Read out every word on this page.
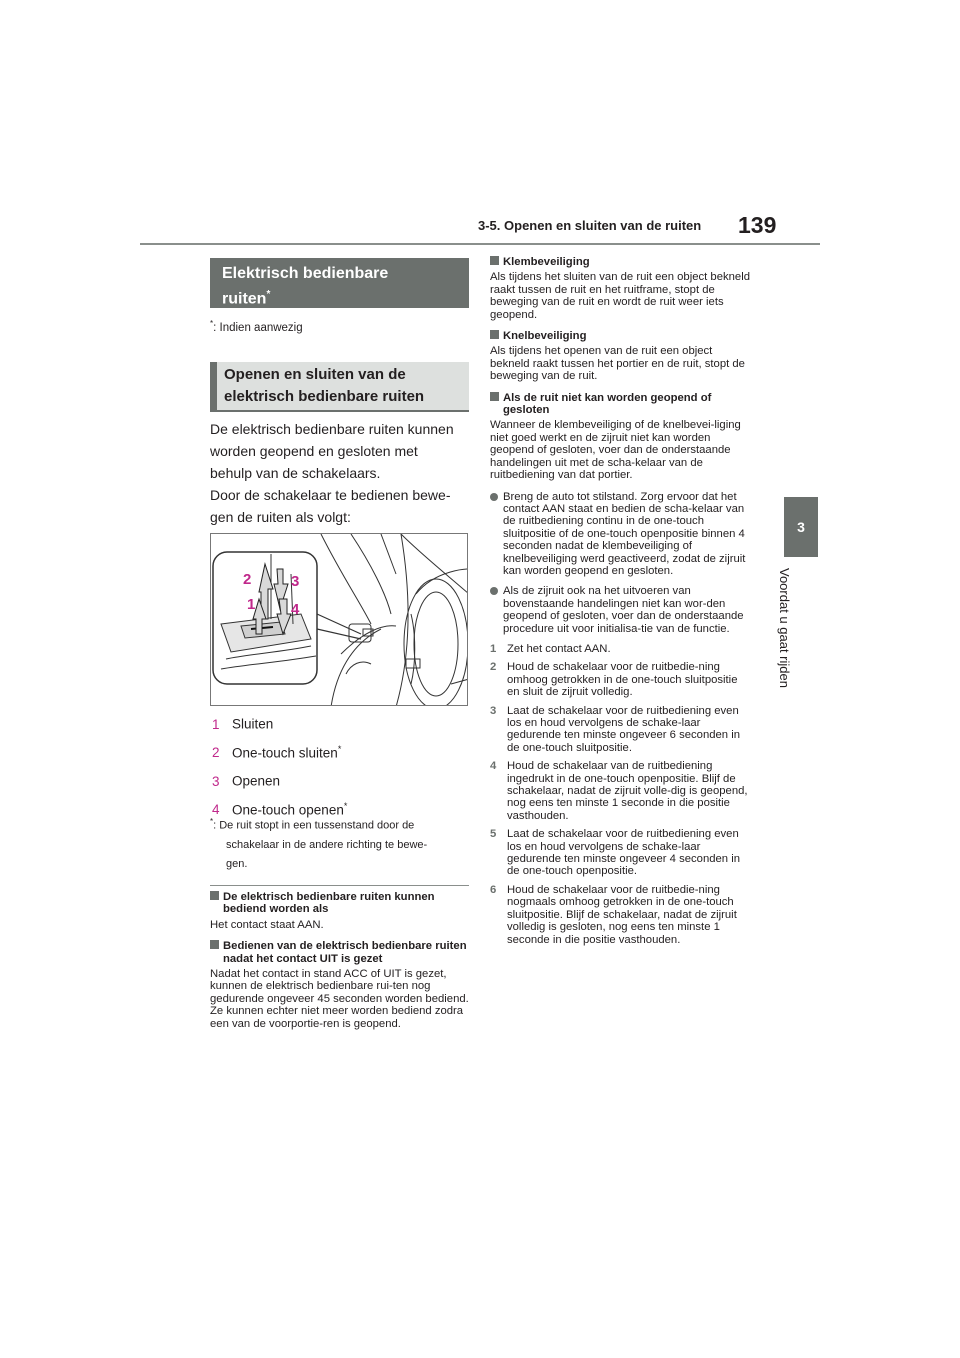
3-5. Openen en sluiten van de ruiten 139
3
Voordat u gaat rijden
Elektrisch bedienbare
ruiten*
*: Indien aanwezig
Openen en sluiten van de
elektrisch bedienbare ruiten

De elektrisch bedienbare ruiten kunnen

worden geopend en gesloten met

behulp van de schakelaars.

Door de schakelaar te bedienen bewe-

gen de ruiten als volgt:

2	3
1 4
1 Sluiten
2 One-touch sluiten*
3 Openen
4 One-touch openen*
*: De ruit stopt in een tussenstand door de
schakelaar in de andere richting te bewe-
gen.
De elektrisch bedienbare ruiten kunnen bediend worden als

Het contact staat AAN.

Bedienen van de elektrisch bedienbare ruiten nadat het contact UIT is gezet

Nadat het contact in stand ACC of UIT is gezet, kunnen de elektrisch bedienbare rui-ten nog gedurende ongeveer 45 seconden worden bediend. Ze kunnen echter niet meer worden bediend zodra een van de voorportie-ren is geopend.

Klembeveiliging

Als tijdens het sluiten van de ruit een object bekneld raakt tussen de ruit en het ruitframe, stopt de beweging van de ruit en wordt de ruit weer iets geopend.

Knelbeveiliging

Als tijdens het openen van de ruit een object bekneld raakt tussen het portier en de ruit, stopt de beweging van de ruit.

Als de ruit niet kan worden geopend of gesloten

Wanneer de klembeveiliging of de knelbevei-liging niet goed werkt en de zijruit niet kan worden geopend of gesloten, voer dan de onderstaande handelingen uit met de scha-kelaar van de ruitbediening van dat portier.

Breng de auto tot stilstand. Zorg ervoor dat het contact AAN staat en bedien de scha-kelaar van de ruitbediening continu in de one-touch sluitpositie of de one-touch openpositie binnen 4 seconden nadat de klembeveiliging of knelbeveiliging werd geactiveerd, zodat de zijruit kan worden geopend en gesloten.
Als de zijruit ook na het uitvoeren van bovenstaande handelingen niet kan wor-den geopend of gesloten, voer dan de onderstaande procedure uit voor initialisa-tie van de functie.
1 Zet het contact AAN.
2 Houd de schakelaar voor de ruitbedie-ning omhoog getrokken in de one-touch sluitpositie en sluit de zijruit volledig.
3 Laat de schakelaar voor de ruitbediening even los en houd vervolgens de schake-laar gedurende ten minste ongeveer 6 seconden in de one-touch sluitpositie.
4 Houd de schakelaar van de ruitbediening ingedrukt in de one-touch openpositie. Blijf de schakelaar, nadat de zijruit volle-dig is geopend, nog eens ten minste 1 seconde in die positie vasthouden.
5 Laat de schakelaar voor de ruitbediening even los en houd vervolgens de schake-laar gedurende ten minste ongeveer 4 seconden in de one-touch openpositie.
6 Houd de schakelaar voor de ruitbedie-ning nogmaals omhoog getrokken in de one-touch sluitpositie. Blijf de schakelaar, nadat de zijruit volledig is gesloten, nog eens ten minste 1 seconde in die positie vasthouden.
